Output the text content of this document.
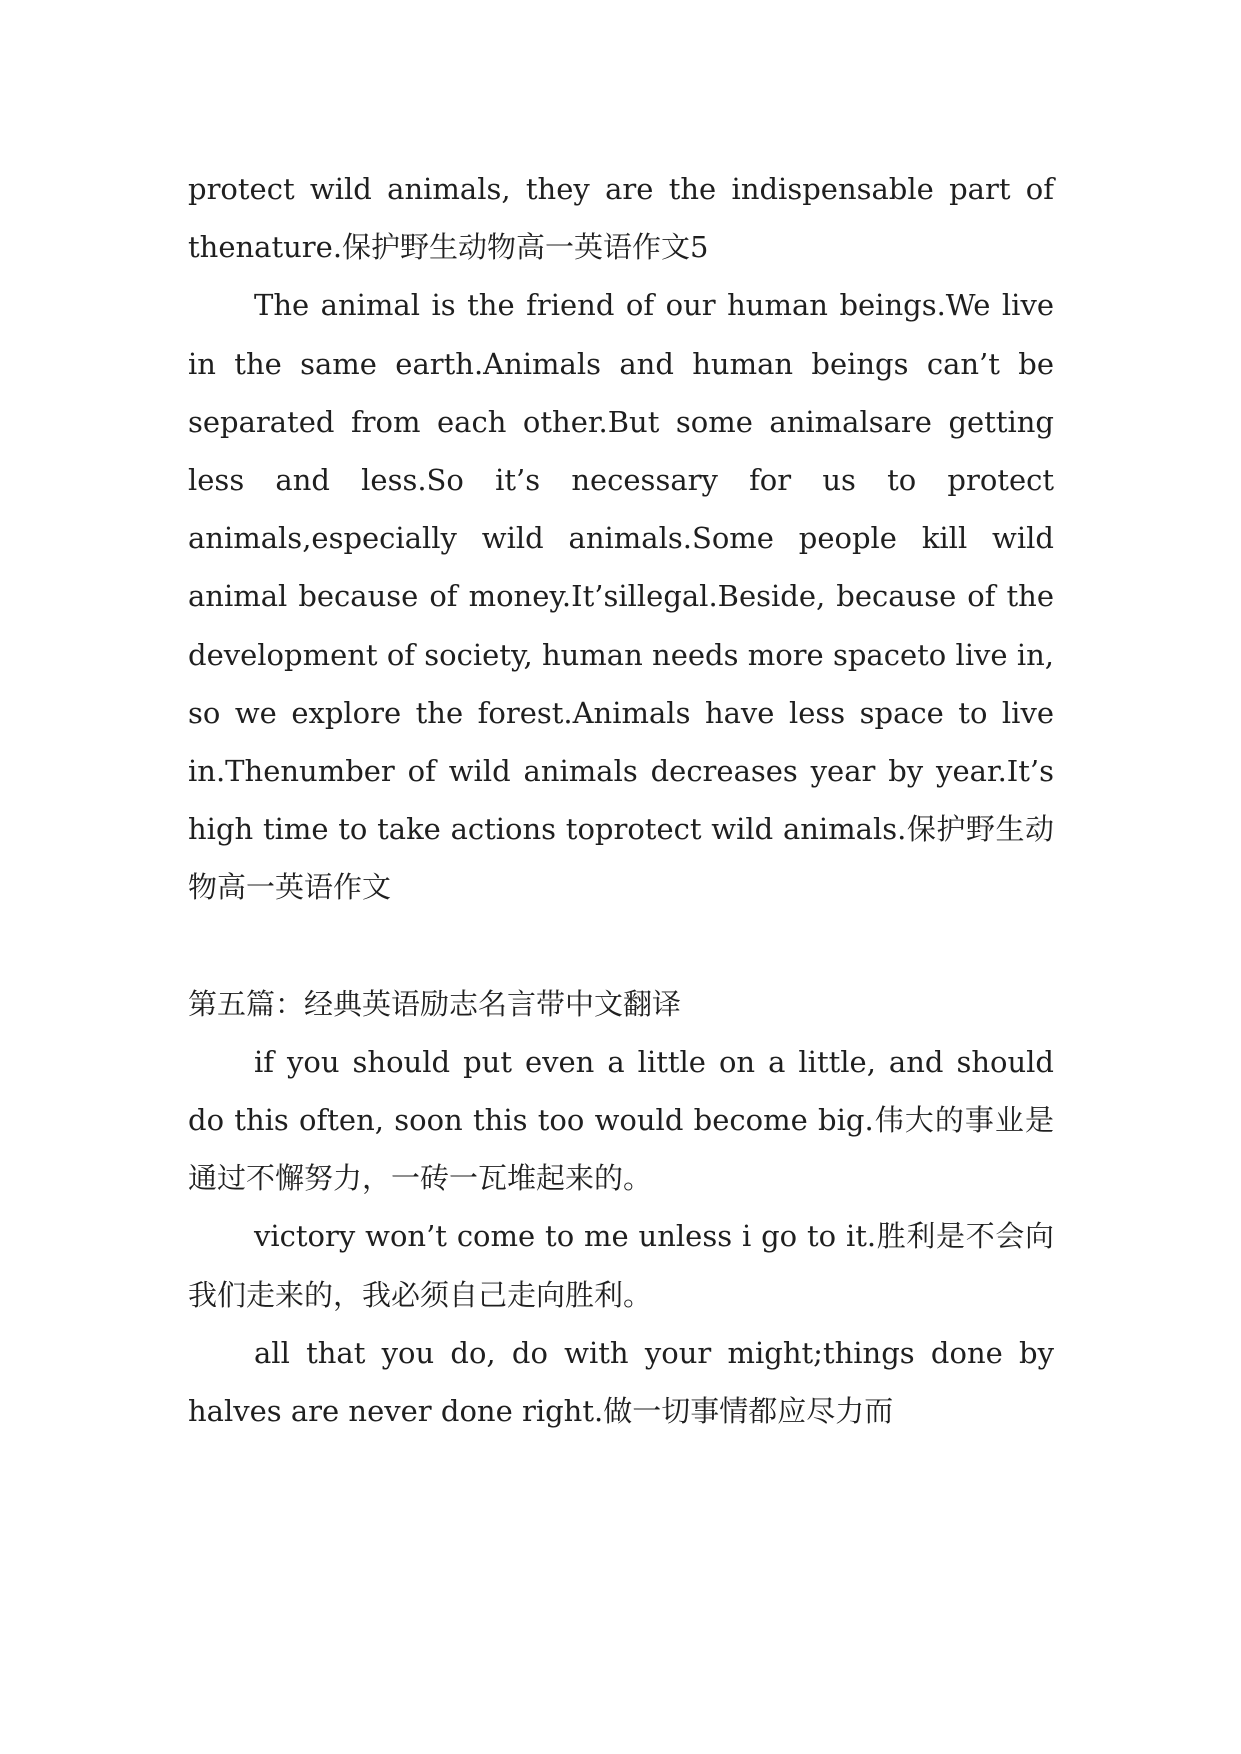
protect wild animals, they are the indispensable part of thenature.保护野生动物高一英语作文5

The animal is the friend of our human beings.We live in the same earth.Animals and human beings can’t be separated from each other.But some animalsare getting less and less.So it’s necessary for us to protect animals,especially wild animals.Some people kill wild animal because of money.It’sillegal.Beside, because of the development of society, human needs more spaceto live in, so we explore the forest.Animals have less space to live in.Thenumber of wild animals decreases year by year.It’s high time to take actions toprotect wild animals.保护野生动物高一英语作文

第五篇：经典英语励志名言带中文翻译

if you should put even a little on a little, and should do this often, soon this too would become big.伟大的事业是通过不懈努力，一砖一瓦堆起来的。

victory won’t come to me unless i go to it.胜利是不会向我们走来的，我必须自己走向胜利。

all that you do, do with your might;things done by halves are never done right.做一切事情都应尽力而
